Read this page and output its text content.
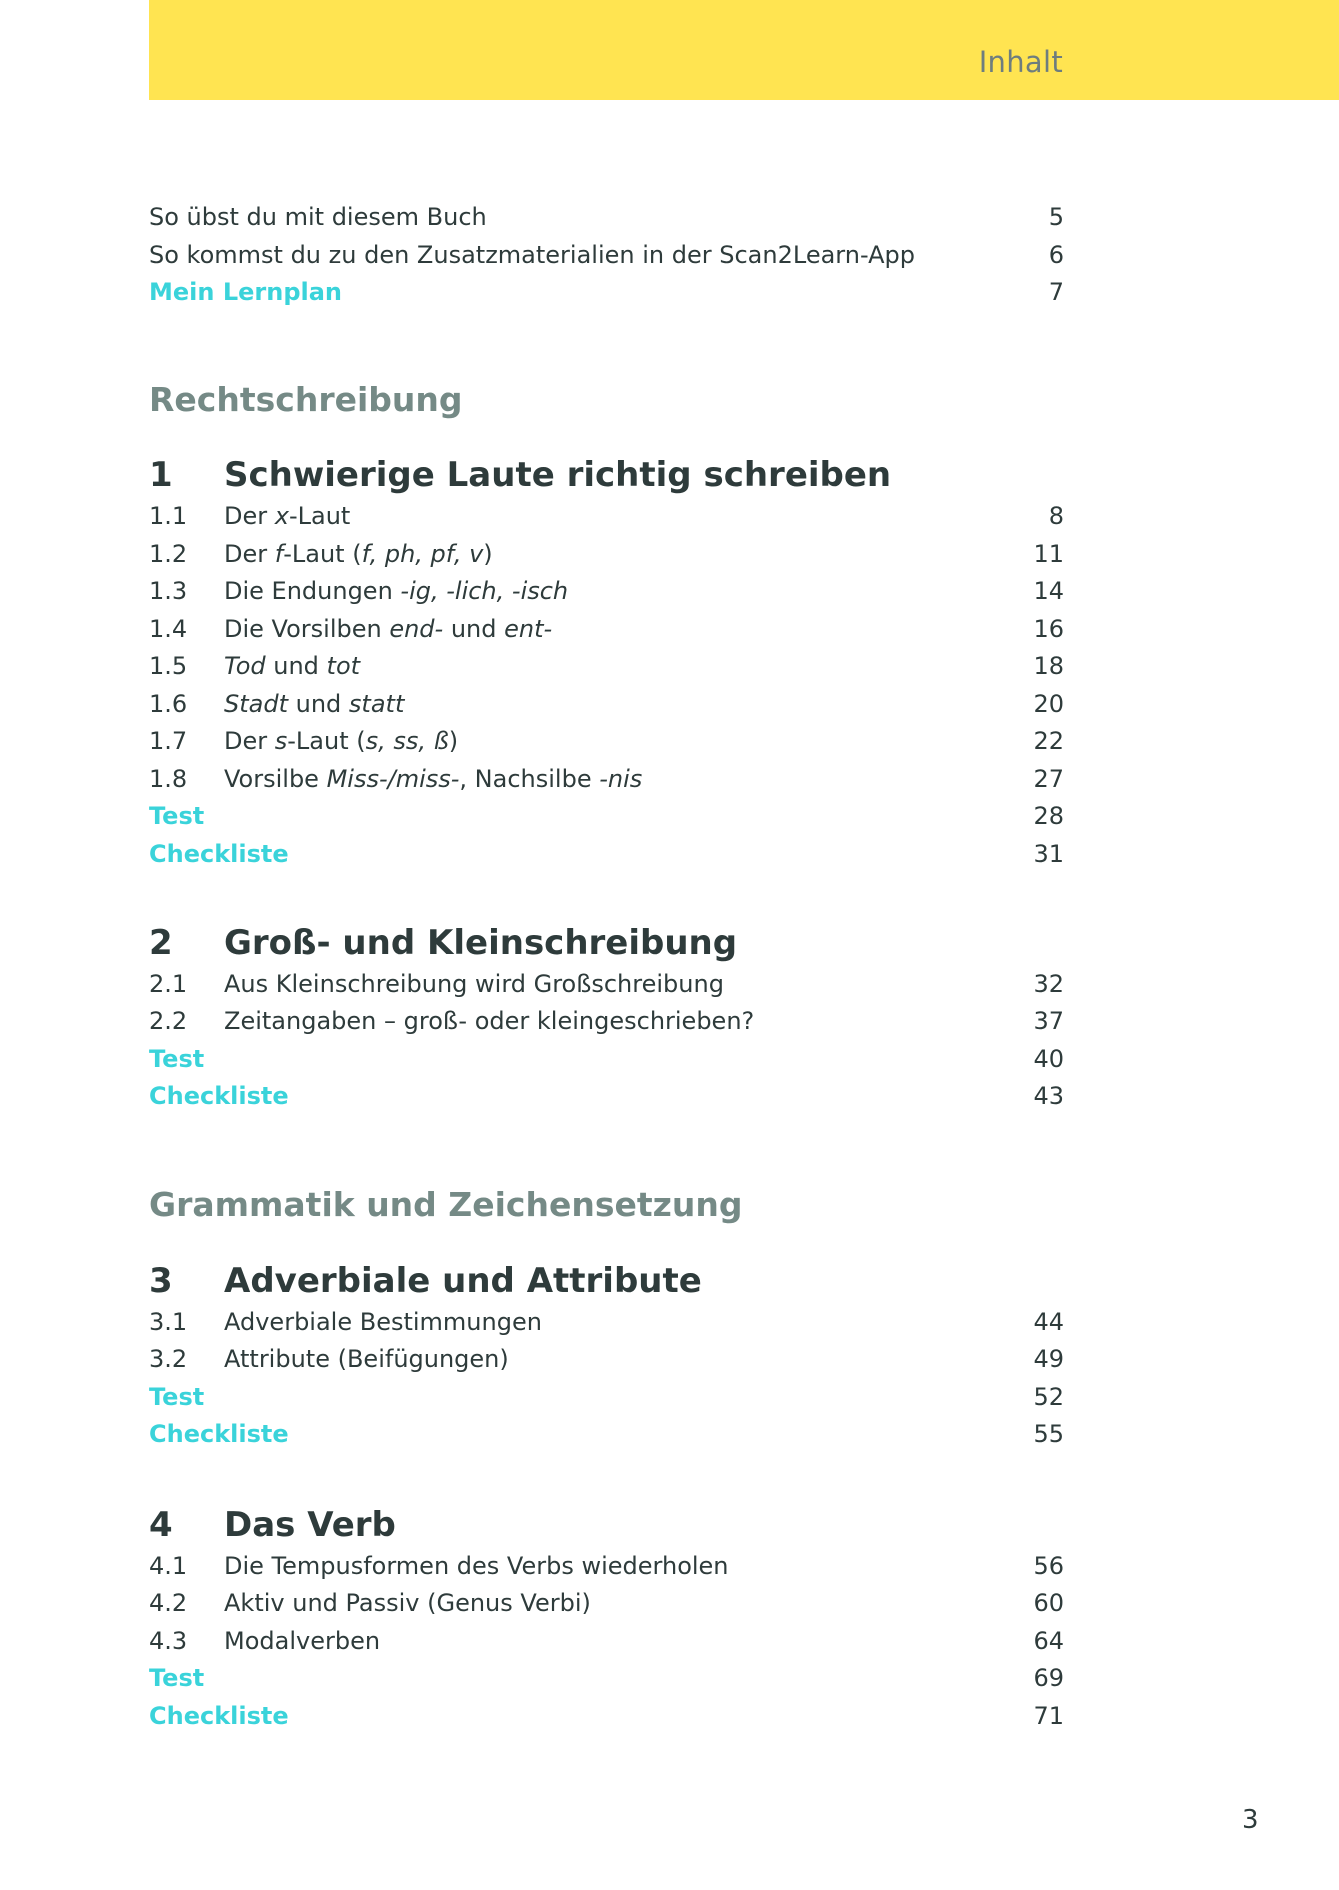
Inhalt
So übst du mit diesem Buch	5
So kommst du zu den Zusatzmaterialien in der Scan2Learn-App	6
Mein Lernplan	7
Rechtschreibung
1 Schwierige Laute richtig schreiben
1.1 Der x-Laut	8
1.2 Der f-Laut (f, ph, pf, v)	11
1.3 Die Endungen -ig, -lich, -isch	14
1.4 Die Vorsilben end- und ent-	16
1.5 Tod und tot	18
1.6 Stadt und statt	20
1.7 Der s-Laut (s, ss, ß)	22
1.8 Vorsilbe Miss-/miss-, Nachsilbe -nis	27
Test	28
Checkliste	31
2 Groß- und Kleinschreibung
2.1 Aus Kleinschreibung wird Großschreibung	32
2.2 Zeitangaben – groß- oder kleingeschrieben?	37
Test	40
Checkliste	43
Grammatik und Zeichensetzung
3 Adverbiale und Attribute
3.1 Adverbiale Bestimmungen	44
3.2 Attribute (Beifügungen)	49
Test	52
Checkliste	55
4 Das Verb
4.1 Die Tempusformen des Verbs wiederholen	56
4.2 Aktiv und Passiv (Genus Verbi)	60
4.3 Modalverben	64
Test	69
Checkliste	71
3
